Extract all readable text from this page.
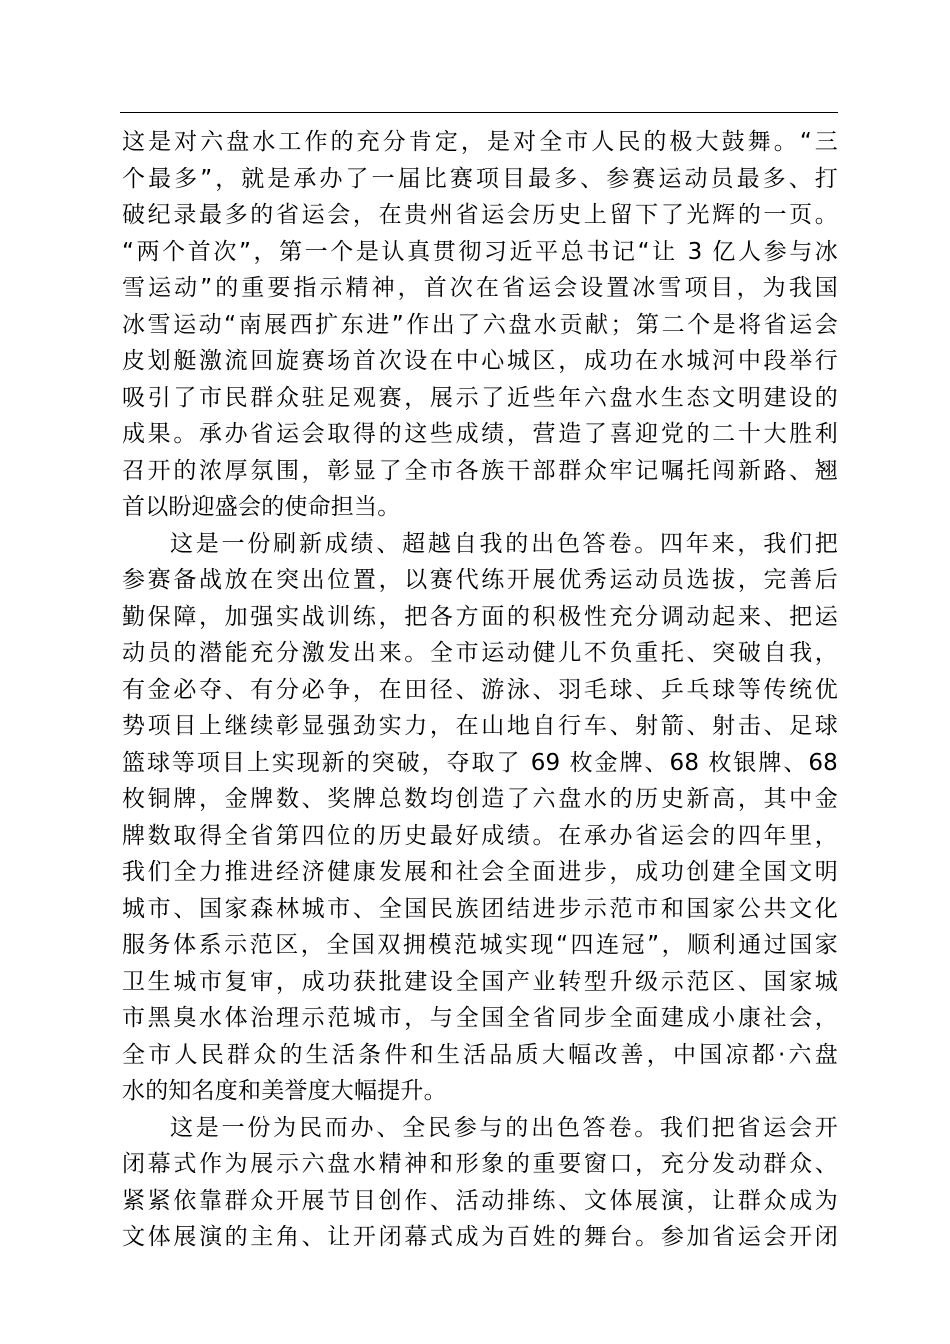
这是对六盘水工作的充分肯定，是对全市人民的极大鼓舞。“三
个最多”，就是承办了一届比赛项目最多、参赛运动员最多、打
破纪录最多的省运会，在贵州省运会历史上留下了光辉的一页。
“两个首次”，第一个是认真贯彻习近平总书记“让 3 亿人参与冰
雪运动”的重要指示精神，首次在省运会设置冰雪项目，为我国
冰雪运动“南展西扩东进”作出了六盘水贡献；第二个是将省运会
皮划艇激流回旋赛场首次设在中心城区，成功在水城河中段举行
吸引了市民群众驻足观赛，展示了近些年六盘水生态文明建设的
成果。承办省运会取得的这些成绩，营造了喜迎党的二十大胜利
召开的浓厚氛围，彰显了全市各族干部群众牢记嘱托闯新路、翘
首以盼迎盛会的使命担当。
这是一份刷新成绩、超越自我的出色答卷。四年来，我们把
参赛备战放在突出位置，以赛代练开展优秀运动员选拔，完善后
勤保障，加强实战训练，把各方面的积极性充分调动起来、把运
动员的潜能充分激发出来。全市运动健儿不负重托、突破自我，
有金必夺、有分必争，在田径、游泳、羽毛球、乒乓球等传统优
势项目上继续彰显强劲实力，在山地自行车、射箭、射击、足球
篮球等项目上实现新的突破，夺取了 69 枚金牌、68 枚银牌、68
枚铜牌，金牌数、奖牌总数均创造了六盘水的历史新高，其中金
牌数取得全省第四位的历史最好成绩。在承办省运会的四年里，
我们全力推进经济健康发展和社会全面进步，成功创建全国文明
城市、国家森林城市、全国民族团结进步示范市和国家公共文化
服务体系示范区，全国双拥模范城实现“四连冠”，顺利通过国家
卫生城市复审，成功获批建设全国产业转型升级示范区、国家城
市黑臭水体治理示范城市，与全国全省同步全面建成小康社会，
全市人民群众的生活条件和生活品质大幅改善，中国凉都·六盘
水的知名度和美誉度大幅提升。
这是一份为民而办、全民参与的出色答卷。我们把省运会开
闭幕式作为展示六盘水精神和形象的重要窗口，充分发动群众、
紧紧依靠群众开展节目创作、活动排练、文体展演，让群众成为
文体展演的主角、让开闭幕式成为百姓的舞台。参加省运会开闭
